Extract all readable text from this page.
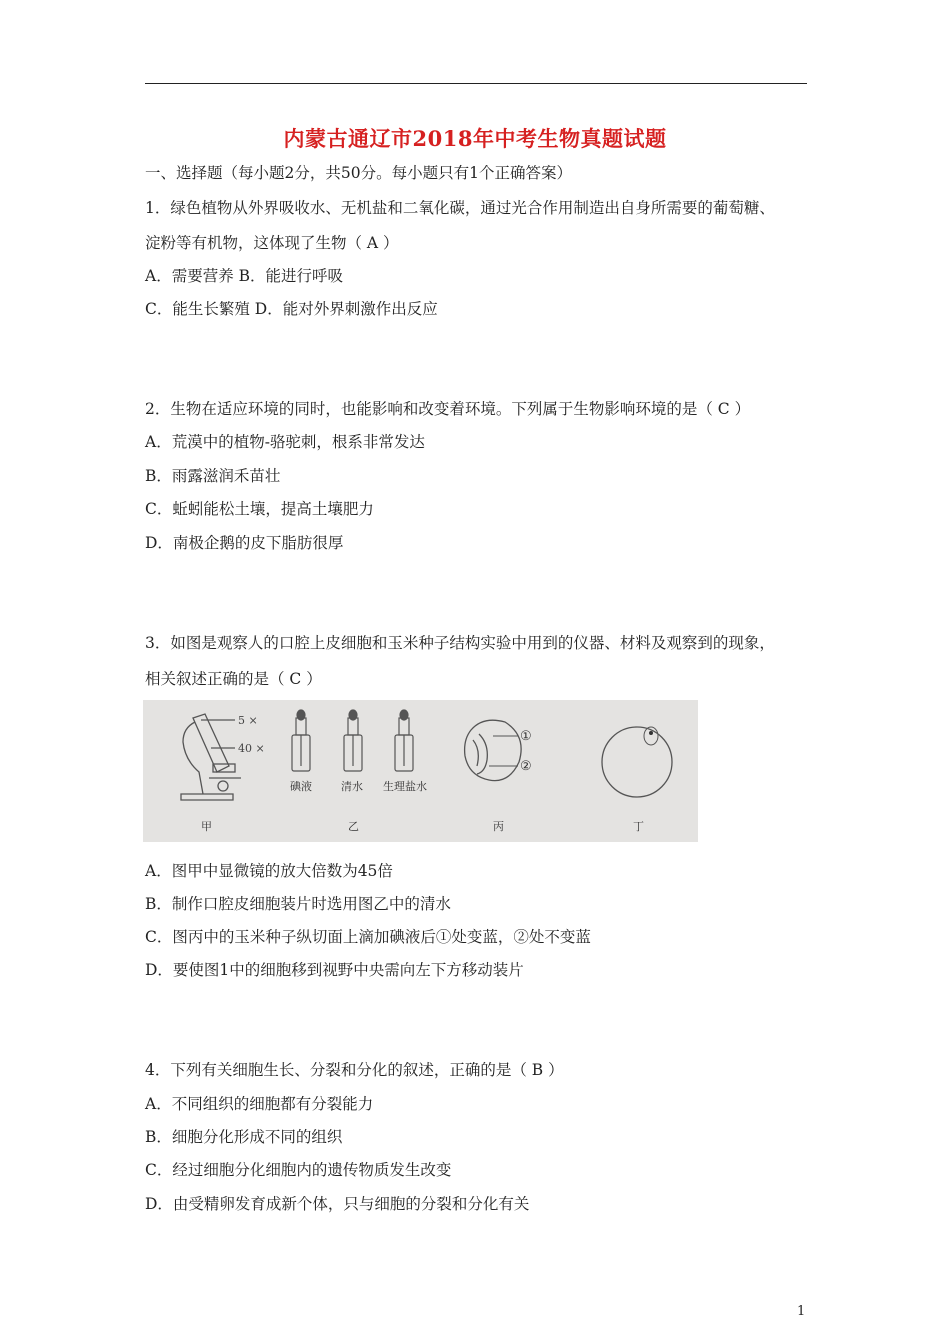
内蒙古通辽市2018年中考生物真题试题
一、选择题（每小题2分，共50分。每小题只有1个正确答案）
1．绿色植物从外界吸收水、无机盐和二氧化碳，通过光合作用制造出自身所需要的葡萄糖、
淀粉等有机物，这体现了生物（ A ）
A．需要营养 B．能进行呼吸
C．能生长繁殖 D．能对外界刺激作出反应
2．生物在适应环境的同时，也能影响和改变着环境。下列属于生物影响环境的是（ C ）
A．荒漠中的植物-骆驼刺，根系非常发达
B．雨露滋润禾苗壮
C．蚯蚓能松土壤，提高土壤肥力
D．南极企鹅的皮下脂肪很厚
3．如图是观察人的口腔上皮细胞和玉米种子结构实验中用到的仪器、材料及观察到的现象，
相关叙述正确的是（ C ）
5 ×
40 ×
碘液	清水 生理盐水
①
②
甲	乙	丙	丁
A．图甲中显微镜的放大倍数为45倍
B．制作口腔皮细胞装片时选用图乙中的清水
C．图丙中的玉米种子纵切面上滴加碘液后①处变蓝，②处不变蓝
D．要使图1中的细胞移到视野中央需向左下方移动装片
4．下列有关细胞生长、分裂和分化的叙述，正确的是（ B ）
A．不同组织的细胞都有分裂能力
B．细胞分化形成不同的组织
C．经过细胞分化细胞内的遗传物质发生改变
D．由受精卵发育成新个体，只与细胞的分裂和分化有关
1
